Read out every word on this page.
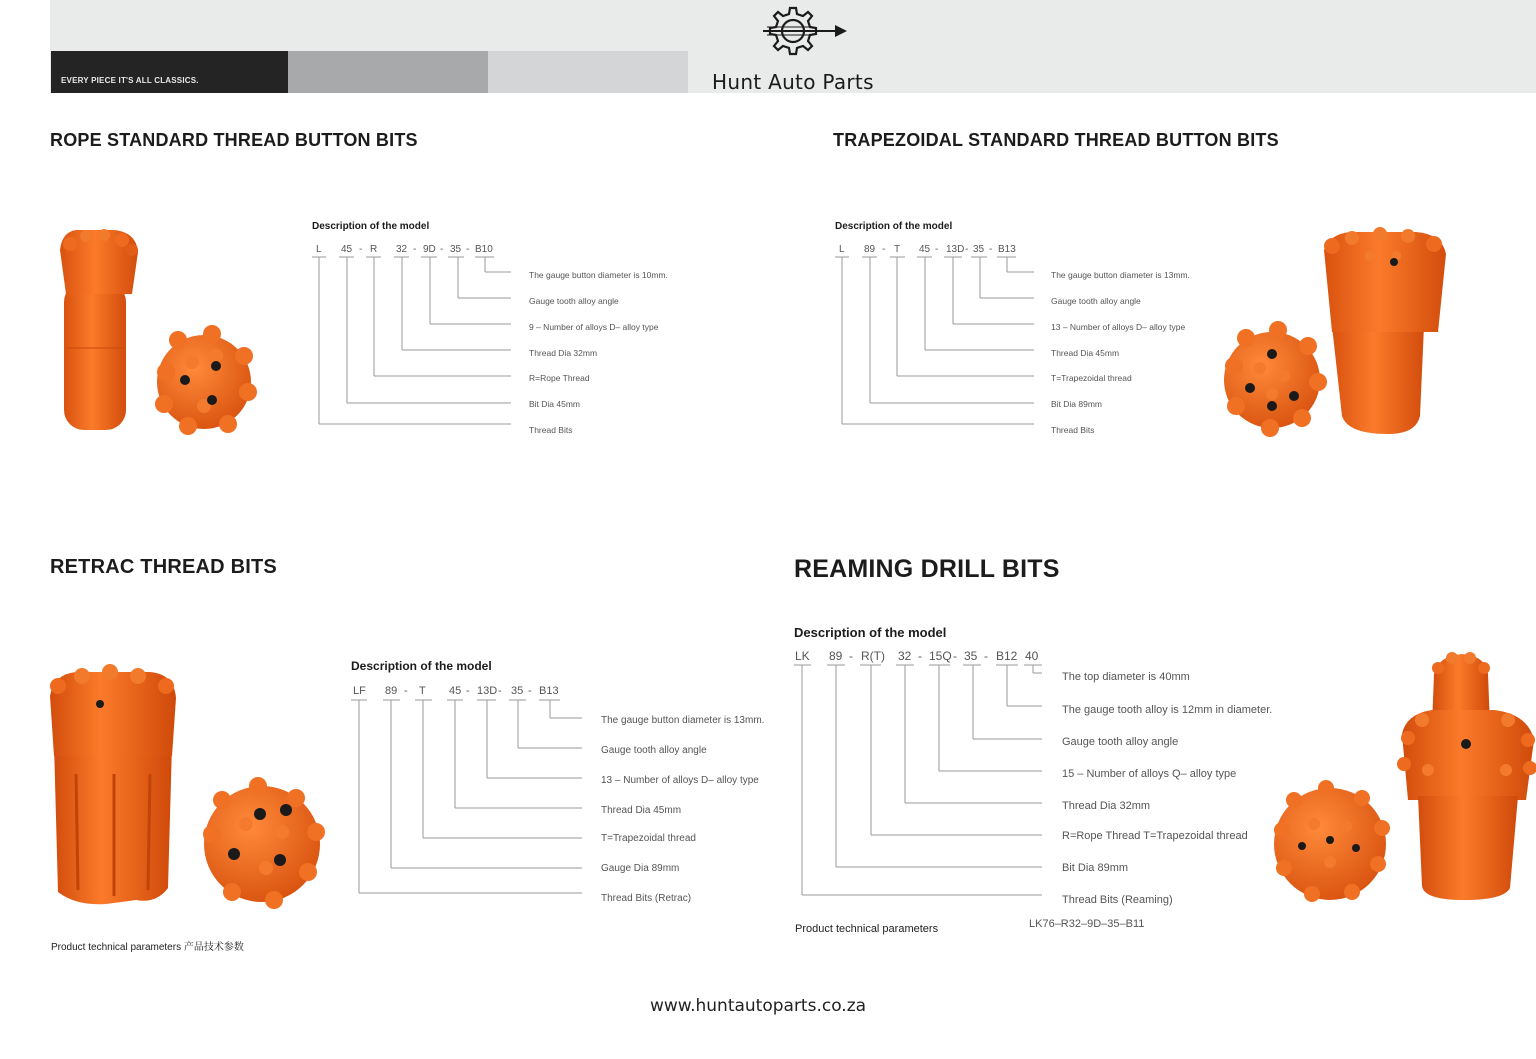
EVERY PIECE IT'S ALL CLASSICS.	Hunt Auto Parts
ROPE STANDARD THREAD BUTTON BITS	TRAPEZOIDAL STANDARD THREAD BUTTON BITS
RETRAC THREAD BITS	REAMING DRILL BITS
Description of the model
L 45 - R 32 - 9D - 35 - B10
The gauge button diameter is 10mm.
Gauge tooth alloy angle
9 – Number of alloys D– alloy type
Thread Dia 32mm
R=Rope Thread
Bit Dia 45mm
Thread Bits
Description of the model
L 89 - T 45 - 13D - 35 - B13
The gauge button diameter is 13mm.
Gauge tooth alloy angle
13 – Number of alloys D– alloy type
Thread Dia 45mm
T=Trapezoidal thread
Bit Dia 89mm
Thread Bits
Description of the model
LF 89 - T 45 - 13D - 35 - B13
The gauge button diameter is 13mm.
Gauge tooth alloy angle
13 – Number of alloys D– alloy type
Thread Dia 45mm
T=Trapezoidal thread
Gauge Dia 89mm
Thread Bits (Retrac)
Product technical parameters 产品技术参数
Description of the model
LK 89 - R(T) 32 - 15Q - 35 - B12 40
The top diameter is 40mm
The gauge tooth alloy is 12mm in diameter.
Gauge tooth alloy angle
15 – Number of alloys Q– alloy type
Thread Dia 32mm
R=Rope Thread T=Trapezoidal thread
Bit Dia 89mm
Thread Bits (Reaming)
Product technical parameters	LK76–R32–9D–35–B11
www.huntautoparts.co.za
